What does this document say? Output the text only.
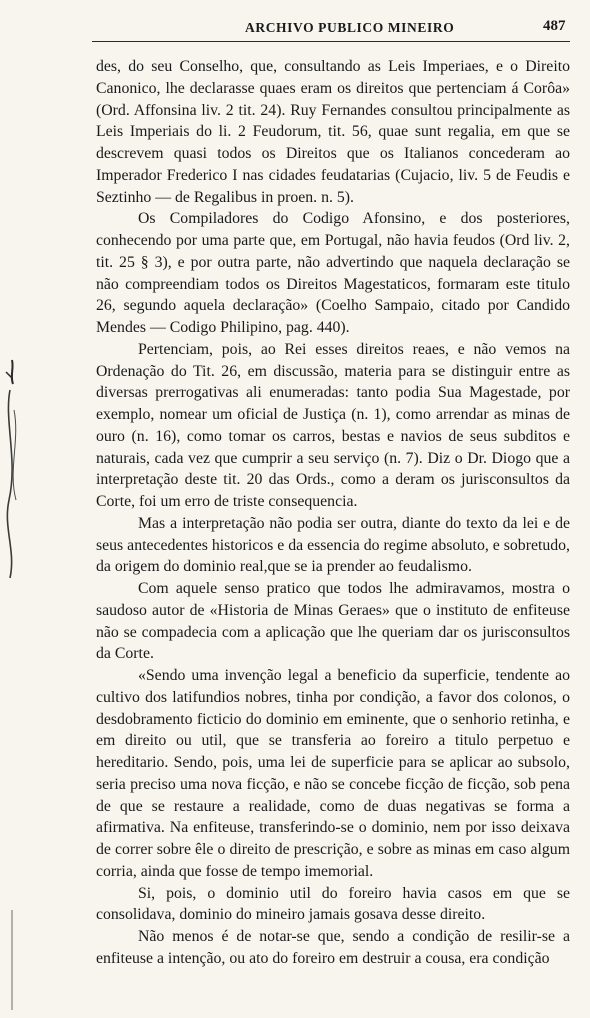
ARCHIVO PUBLICO MINEIRO	487

des, do seu Conselho, que, consultando as Leis Imperiaes, e o Direito Canonico, lhe declarasse quaes eram os direitos que pertenciam á Corôa» (Ord. Affonsina liv. 2 tit. 24). Ruy Fernandes consultou principalmente as Leis Imperiais do li. 2 Feudorum, tit. 56, quae sunt regalia, em que se descrevem quasi todos os Direitos que os Italianos concederam ao Imperador Frederico I nas cidades feudatarias (Cujacio, liv. 5 de Feudis e Seztinho — de Regalibus in proen. n. 5).

Os Compiladores do Codigo Afonsino, e dos posteriores, conhecendo por uma parte que, em Portugal, não havia feudos (Ord liv. 2, tit. 25 § 3), e por outra parte, não advertindo que naquela declaração se não compreendiam todos os Direitos Magestaticos, formaram este titulo 26, segundo aquela declaração» (Coelho Sampaio, citado por Candido Mendes — Codigo Philipino, pag. 440).

Pertenciam, pois, ao Rei esses direitos reaes, e não vemos na Ordenação do Tit. 26, em discussão, materia para se distinguir entre as diversas prerrogativas ali enumeradas: tanto podia Sua Magestade, por exemplo, nomear um oficial de Justiça (n. 1), como arrendar as minas de ouro (n. 16), como tomar os carros, bestas e navios de seus subditos e naturais, cada vez que cumprir a seu serviço (n. 7). Diz o Dr. Diogo que a interpretação deste tit. 20 das Ords., como a deram os jurisconsultos da Corte, foi um erro de triste consequencia.

Mas a interpretação não podia ser outra, diante do texto da lei e de seus antecedentes historicos e da essencia do regime absoluto, e sobretudo, da origem do dominio real,que se ia prender ao feudalismo.

Com aquele senso pratico que todos lhe admiravamos, mostra o saudoso autor de «Historia de Minas Geraes» que o instituto de enfiteuse não se compadecia com a aplicação que lhe queriam dar os jurisconsultos da Corte.

«Sendo uma invenção legal a beneficio da superficie, tendente ao cultivo dos latifundios nobres, tinha por condição, a favor dos colonos, o desdobramento ficticio do dominio em eminente, que o senhorio retinha, e em direito ou util, que se transferia ao foreiro a titulo perpetuo e hereditario. Sendo, pois, uma lei de superficie para se aplicar ao subsolo, seria preciso uma nova ficção, e não se concebe ficção de ficção, sob pena de que se restaure a realidade, como de duas negativas se forma a afirmativa. Na enfiteuse, transferindo-se o dominio, nem por isso deixava de correr sobre êle o direito de prescrição, e sobre as minas em caso algum corria, ainda que fosse de tempo imemorial.

Si, pois, o dominio util do foreiro havia casos em que se consolidava, dominio do mineiro jamais gosava desse direito.

Não menos é de notar-se que, sendo a condição de resilir-se a enfiteuse a intenção, ou ato do foreiro em destruir a cousa, era condição
